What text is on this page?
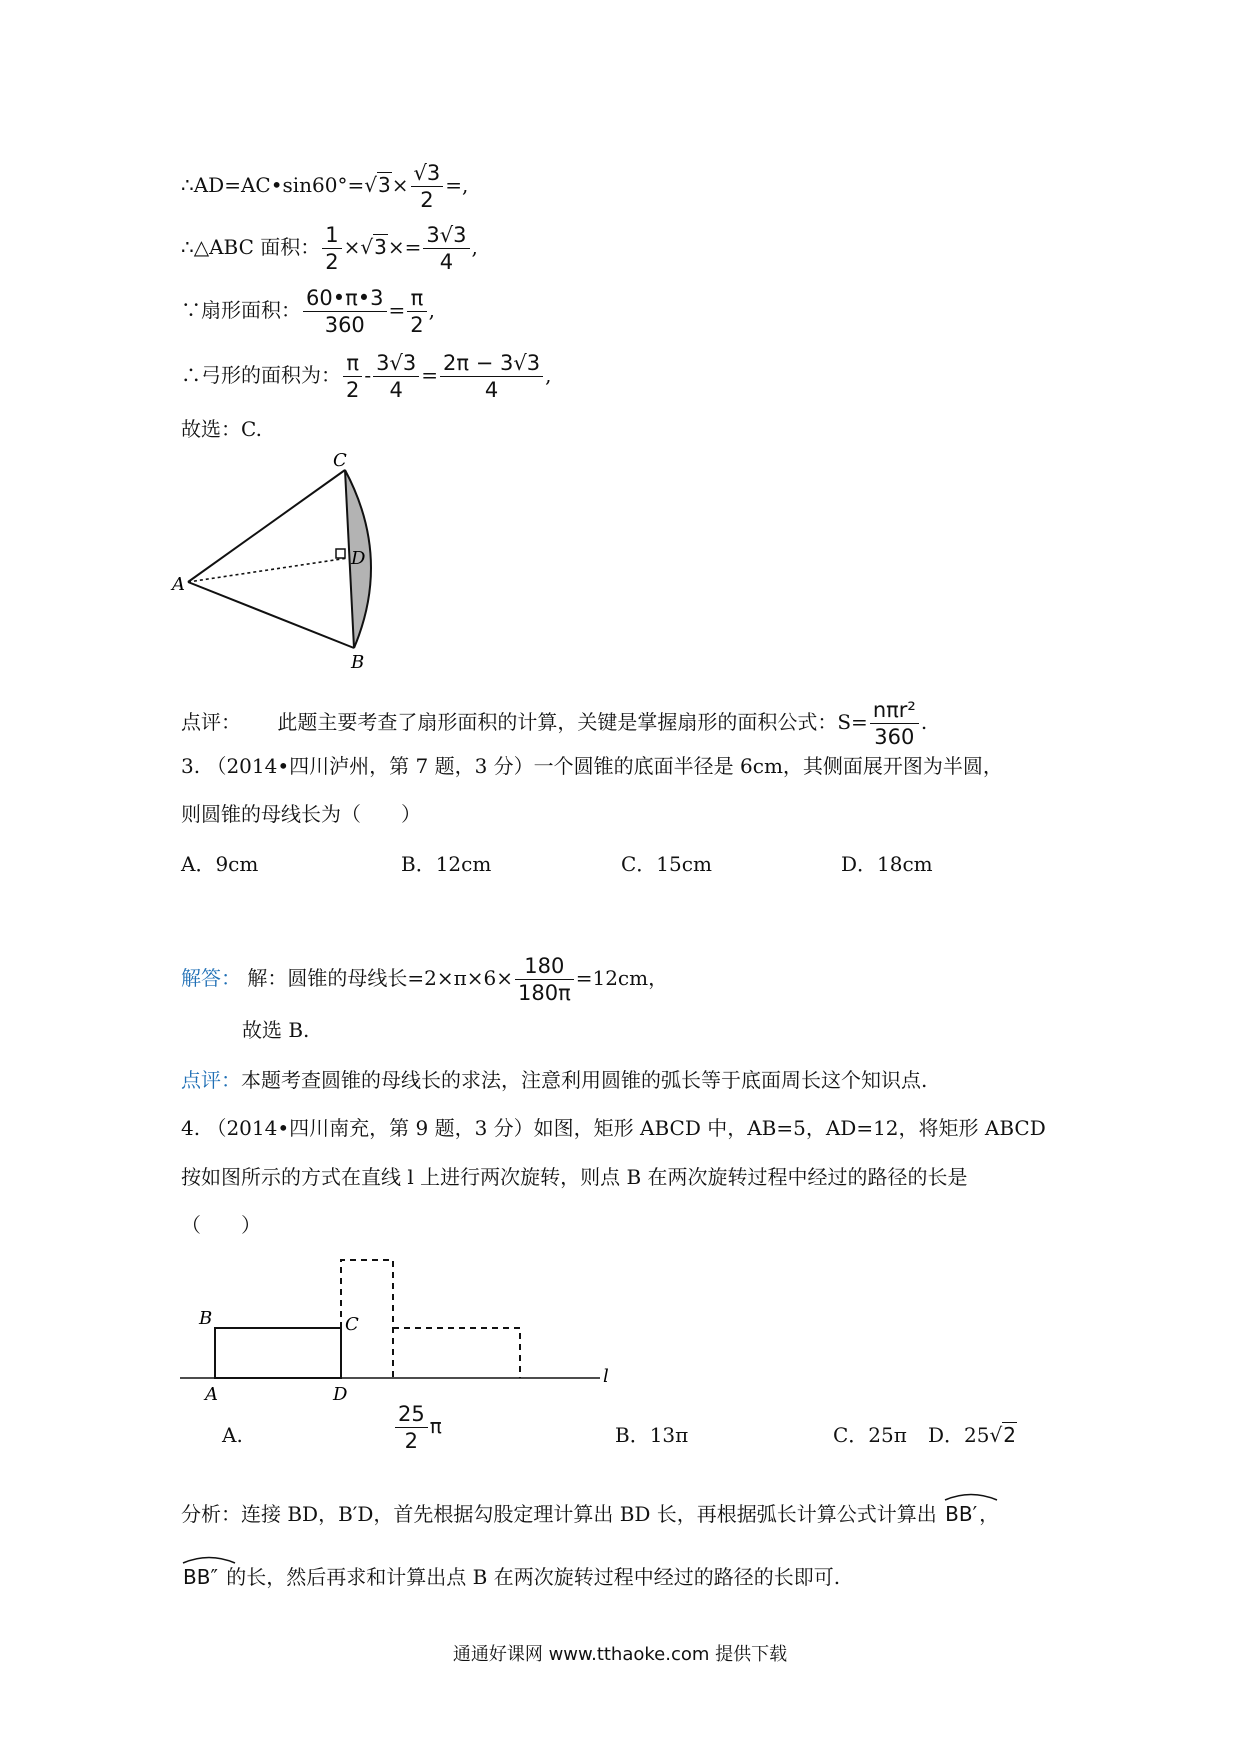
∴AD=AC•sin60°=√3× $\frac{√3}{2}$ =,
∴△ABC 面积： $\frac{1}{2} \times√3\times= \frac{3√3}{4}$ ,
∵扇形面积： $\frac{60•\pi•3}{360} = \frac{\pi}{2}$ ,
∴弓形的面积为： $\frac{\pi}{2} - \frac{3√3}{4} = \frac{2\pi - 3√3}{4}$ ,
故选：C.
C
D
A
B
点评： 此题主要考查了扇形面积的计算，关键是掌握扇形的面积公式：$S= \frac{\text{nπr²}}{360}$ .
3. （2014•四川泸州，第 7 题，3 分）一个圆锥的底面半径是 6cm，其侧面展开图为半圆，
则圆锥的母线长为（　　）
A．9cm	B．12cm	C．15cm	D．18cm
解答： 解：圆锥的母线长$=2\times\pi\times 6\times \frac{180}{180\pi} =12cm$，
故选 B.
点评：本题考查圆锥的母线长的求法，注意利用圆锥的弧长等于底面周长这个知识点.
4. （2014•四川南充，第 9 题，3 分）如图，矩形 ABCD 中，AB=5，AD=12，将矩形 ABCD
按如图所示的方式在直线 l 上进行两次旋转，则点 B 在两次旋转过程中经过的路径的长是
（　　）
B	C
A	D
l
A.	$\frac{25}{2}$ π	B．13π	C．25π D．25√2
分析：连接 BD，B′D，首先根据勾股定理计算出 BD 长，再根据弧长计算公式计算出 BB′ ，
BB″ 的长，然后再求和计算出点 B 在两次旋转过程中经过的路径的长即可.
通通好课网 www.tthaoke.com 提供下载
